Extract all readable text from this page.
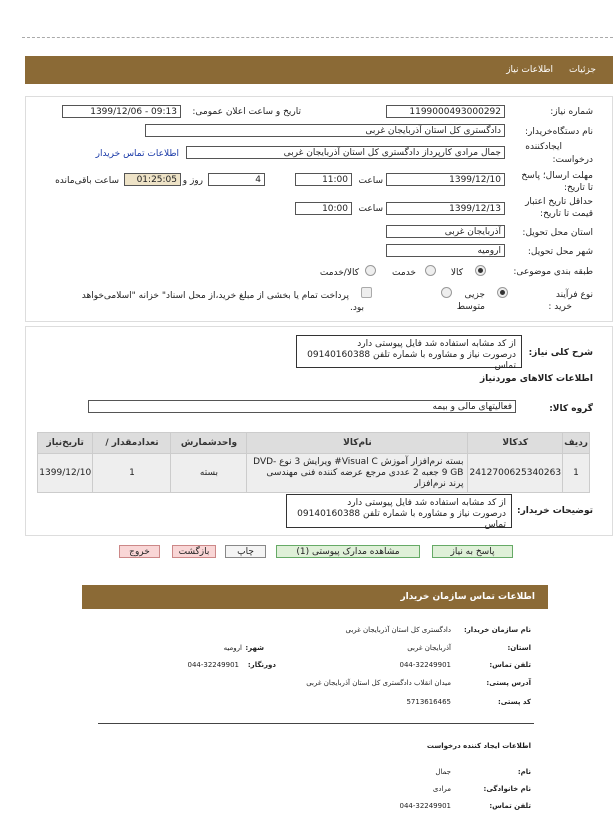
جزئیات
اطلاعات نیاز
شماره نیاز:
1199000493000292
تاریخ و ساعت اعلان عمومی:
1399/12/06 - 09:13
نام دستگاه‌خریدار:
دادگستری کل استان آذربایجان غربی
ایجادکننده
درخواست:
جمال مرادی کارپرداز دادگستری کل استان آذربایجان غربی
اطلاعات تماس خریدار
مهلت ارسال؛ پاسخ
تا تاریخ:
1399/12/10
ساعت
11:00
4
روز و
01:25:05
ساعت باقی‌مانده
حداقل تاریخ اعتبار
قیمت تا تاریخ:
1399/12/13
ساعت
10:00
استان محل تحویل:
آذربایجان غربی
شهر محل تحویل:
ارومیه
طبقه بندی موضوعی:
کالا
خدمت
کالا/خدمت
نوع فرآیند
خرید :
جزیی
متوسط
پرداخت تمام یا بخشی از مبلغ خرید،از محل اسناد" خزانه "اسلامی‌خواهد
بود.
شرح کلی نیاز:
از کد مشابه استفاده شد فایل پیوستی دارد
درصورت نیاز و مشاوره با شماره تلفن 09140160388 تماس
اطلاعات کالاهای موردنیاز
گروه کالا:
فعالیتهای مالی و بیمه
ردیف	کدکالا	نام‌کالا	واحدشمارش	تعدادمقدار /	تاریخ‌نیاز
1	2412700625340263	بسته نرم‌افزار آموزش Visual C# ویرایش 3 نوع DVD-9 GB جعبه 2 عددی مرجع عرضه کننده فنی مهندسی پرند نرم‌افزار	بسته	1	1399/12/10
توضیحات خریدار:
از کد مشابه استفاده شد فایل پیوستی دارد
درصورت نیاز و مشاوره با شماره تلفن 09140160388 تماس
پاسخ به نیاز
مشاهده مدارک پیوستی (1)
چاپ
بازگشت
خروج
اطلاعات تماس سازمان خریدار
نام سازمان خریدار:
دادگستری کل استان آذربایجان غربی
استان:
آذربایجان غربی
شهر:
ارومیه
تلفن تماس:
044-32249901
دورنگار:
044-32249901
آدرس پستی:
میدان انقلاب دادگستری کل استان آذربایجان غربی
کد پستی:
5713616465
اطلاعات ایجاد کننده درخواست
نام:
جمال
نام خانوادگی:
مرادی
تلفن تماس:
044-32249901
